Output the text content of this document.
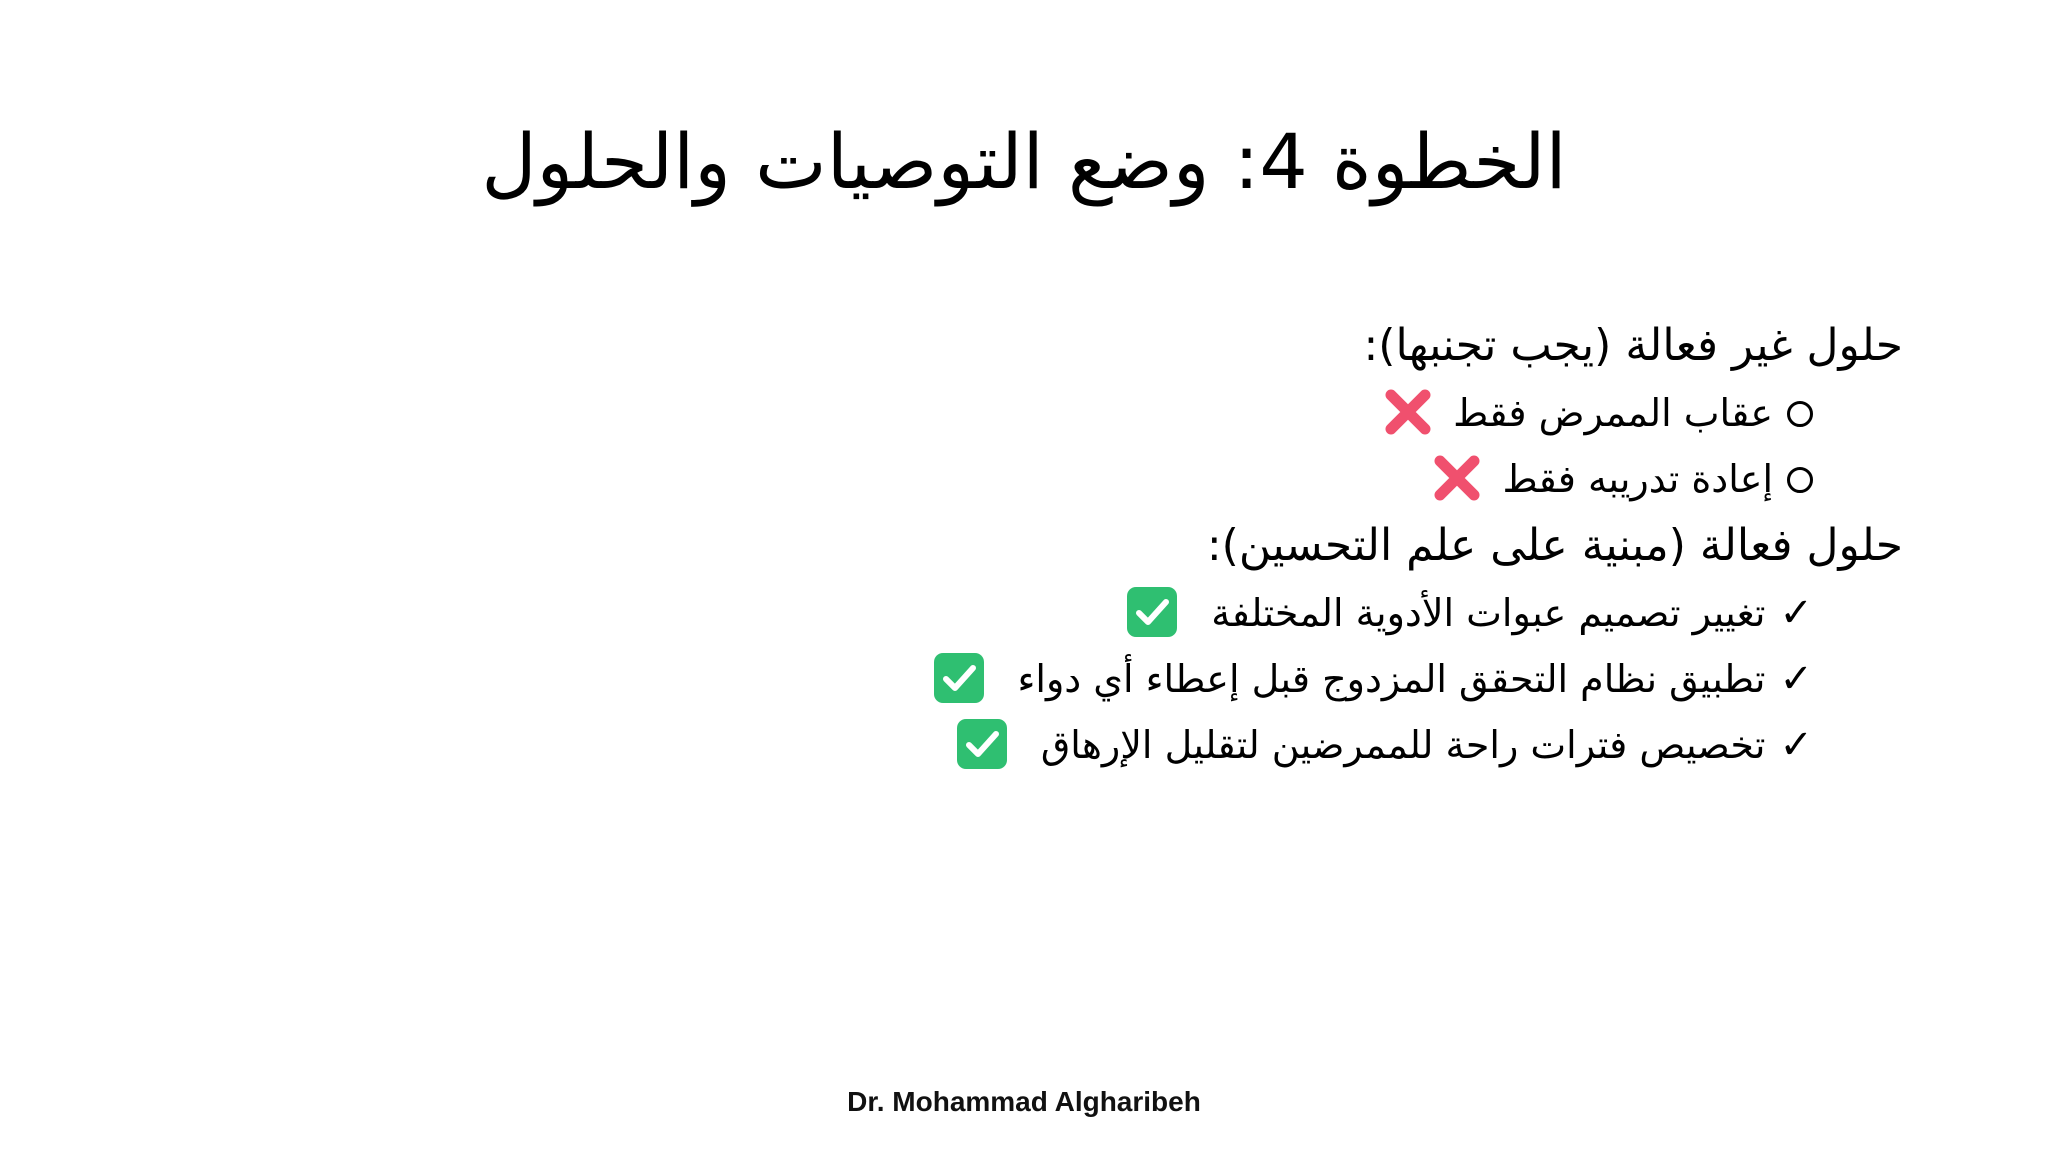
الخطوة 4: وضع التوصيات والحلول
حلول غير فعالة (يجب تجنبها):
عقاب الممرض فقط
إعادة تدريبه فقط
حلول فعالة (مبنية على علم التحسين):
✓تغيير تصميم عبوات الأدوية المختلفة
✓تطبيق نظام التحقق المزدوج قبل إعطاء أي دواء
✓تخصيص فترات راحة للممرضين لتقليل الإرهاق
Dr. Mohammad Algharibeh
